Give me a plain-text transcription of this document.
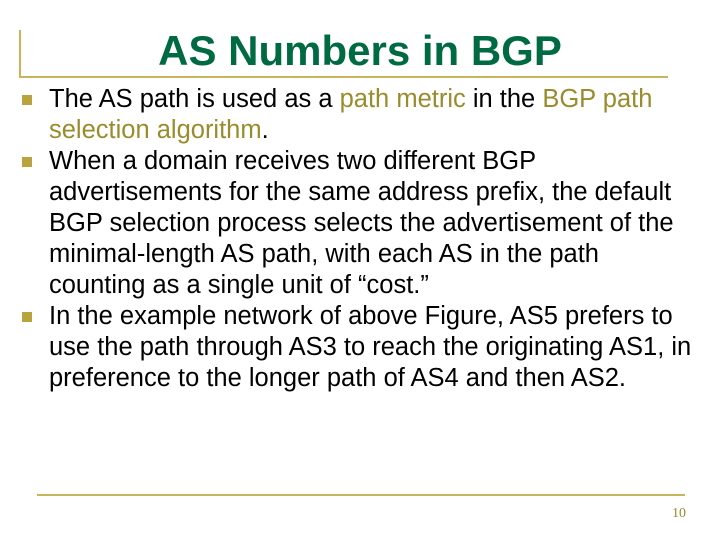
AS Numbers in BGP
The AS path is used as a path metric in the BGP path selection algorithm.
When a domain receives two different BGP advertisements for the same address prefix, the default BGP selection process selects the advertisement of the minimal-length AS path, with each AS in the path counting as a single unit of “cost.”
In the example network of above Figure, AS5 prefers to use the path through AS3 to reach the originating AS1, in preference to the longer path of AS4 and then AS2.
10
